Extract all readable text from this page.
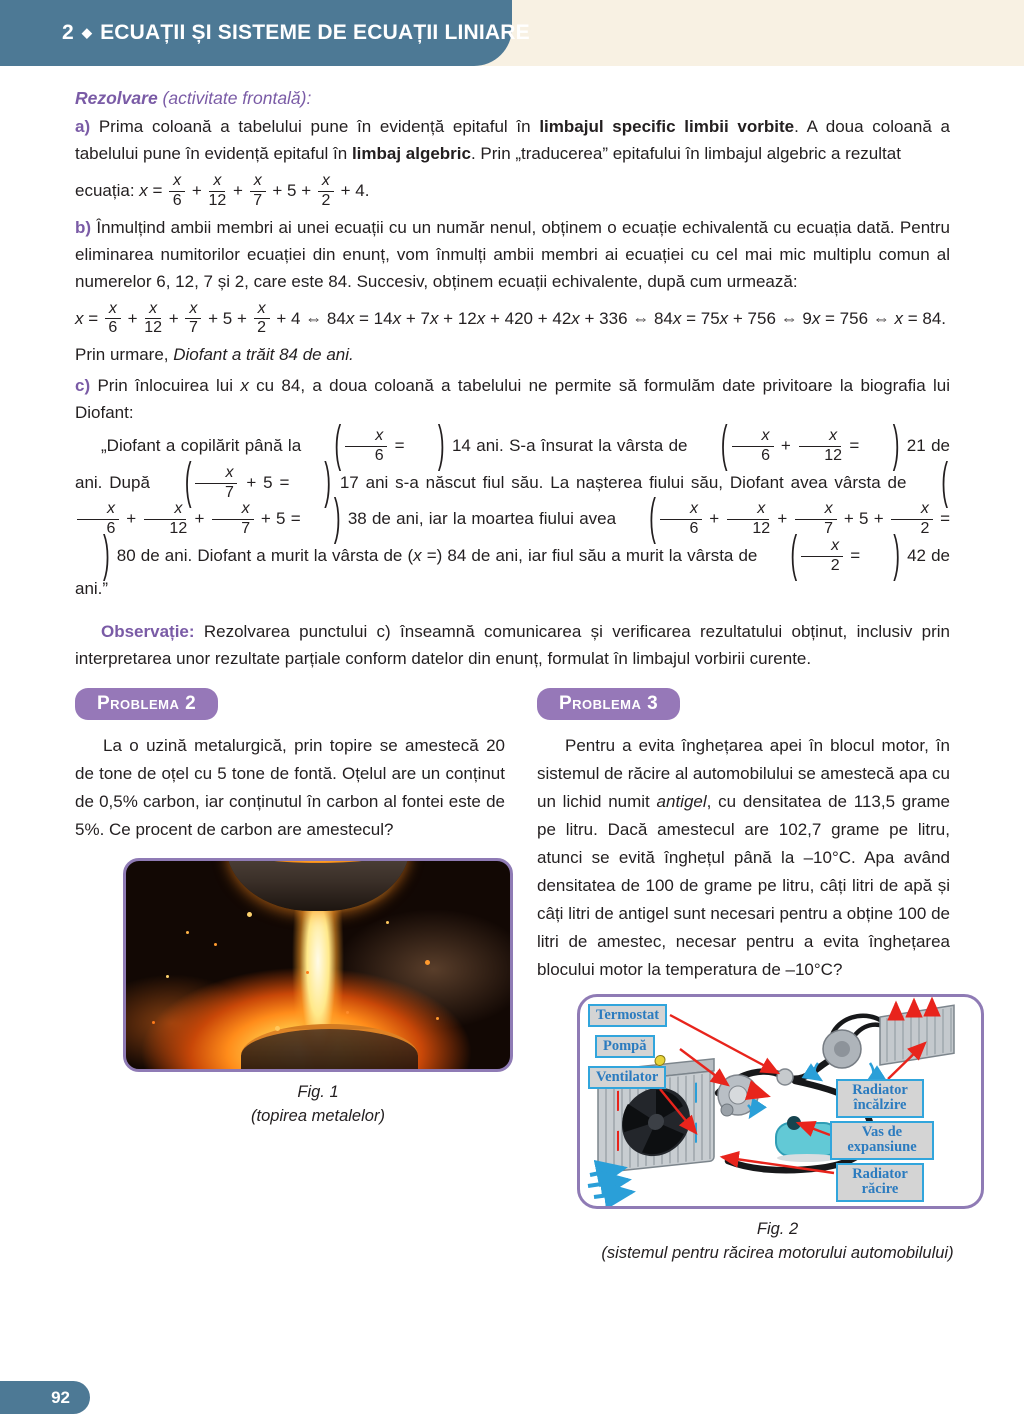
2 ◆ ECUAȚII ȘI SISTEME DE ECUAȚII LINIARE
Rezolvare (activitate frontală):
a) Prima coloană a tabelului pune în evidență epitaful în limbajul specific limbii vorbite. A doua coloană a tabelului pune în evidență epitaful în limbaj algebric. Prin „traducerea” epitafului în limbajul algebric a rezultat
ecuația: $x = \frac{x}{6} + \frac{x}{12} + \frac{x}{7} + 5 + \frac{x}{2} + 4$.
b) Înmulțind ambii membri ai unei ecuații cu un număr nenul, obținem o ecuație echivalentă cu ecuația dată. Pentru eliminarea numitorilor ecuației din enunț, vom înmulți ambii membri ai ecuației cu cel mai mic multiplu comun al numerelor 6, 12, 7 și 2, care este 84. Succesiv, obținem ecuații echivalente, după cum urmează:
$x = \frac{x}{6} + \frac{x}{12} + \frac{x}{7} + 5 + \frac{x}{2} + 4$ ⇔ 84x = 14x + 7x + 12x + 420 + 42x + 336 ⇔ 84x = 75x + 756 ⇔ 9x = 756 ⇔ x = 84.
Prin urmare, Diofant a trăit 84 de ani.
c) Prin înlocuirea lui x cu 84, a doua coloană a tabelului ne permite să formulăm date privitoare la biografia lui Diofant:
„Diofant a copilărit până la ( $\frac{x}{6}$ = ) 14 ani. S-a însurat la vârsta de ( $\frac{x}{6} + \frac{x}{12}$ = ) 21 de ani. După ( $\frac{x}{7} + 5$ = ) 17 ani s-a născut fiul său. La nașterea fiului său, Diofant avea vârsta de (
$\frac{x}{6} + \frac{x}{12} + \frac{x}{7} + 5$ = ) 38 de ani, iar la moartea fiului avea ( $\frac{x}{6} + \frac{x}{12} + \frac{x}{7} + 5 + \frac{x}{2}$ = ) 80 de ani. Diofant a murit la vârsta de (x =) 84 de ani, iar fiul său a murit la vârsta de ( $\frac{x}{2}$ = ) 42 de ani.”
Observație: Rezolvarea punctului c) înseamnă comunicarea și verificarea rezultatului obținut, inclusiv prin interpretarea unor rezultate parțiale conform datelor din enunț, formulat în limbajul vorbirii curente.
Problema 2
La o uzină metalurgică, prin topire se amestecă 20 de tone de oțel cu 5 tone de fontă. Oțelul are un conținut de 0,5% carbon, iar conținutul în carbon al fontei este de 5%. Ce procent de carbon are amestecul?
Fig. 1
(topirea metalelor)
Problema 3
Pentru a evita înghețarea apei în blocul motor, în sistemul de răcire al automobilului se amestecă apa cu un lichid numit antigel, cu densitatea de 113,5 grame pe litru. Dacă amestecul are 102,7 grame pe litru, atunci se evită înghețul până la –10°C. Apa având densitatea de 100 de grame pe litru, câți litri de apă și câți litri de antigel sunt necesari pentru a obține 100 de litri de amestec, necesar pentru a evita înghețarea blocului motor la temperatura de –10°C?
Termostat
Pompă
Ventilator
Radiator încălzire
Vas de expansiune
Radiator răcire
Fig. 2
(sistemul pentru răcirea motorului automobilului)
92
